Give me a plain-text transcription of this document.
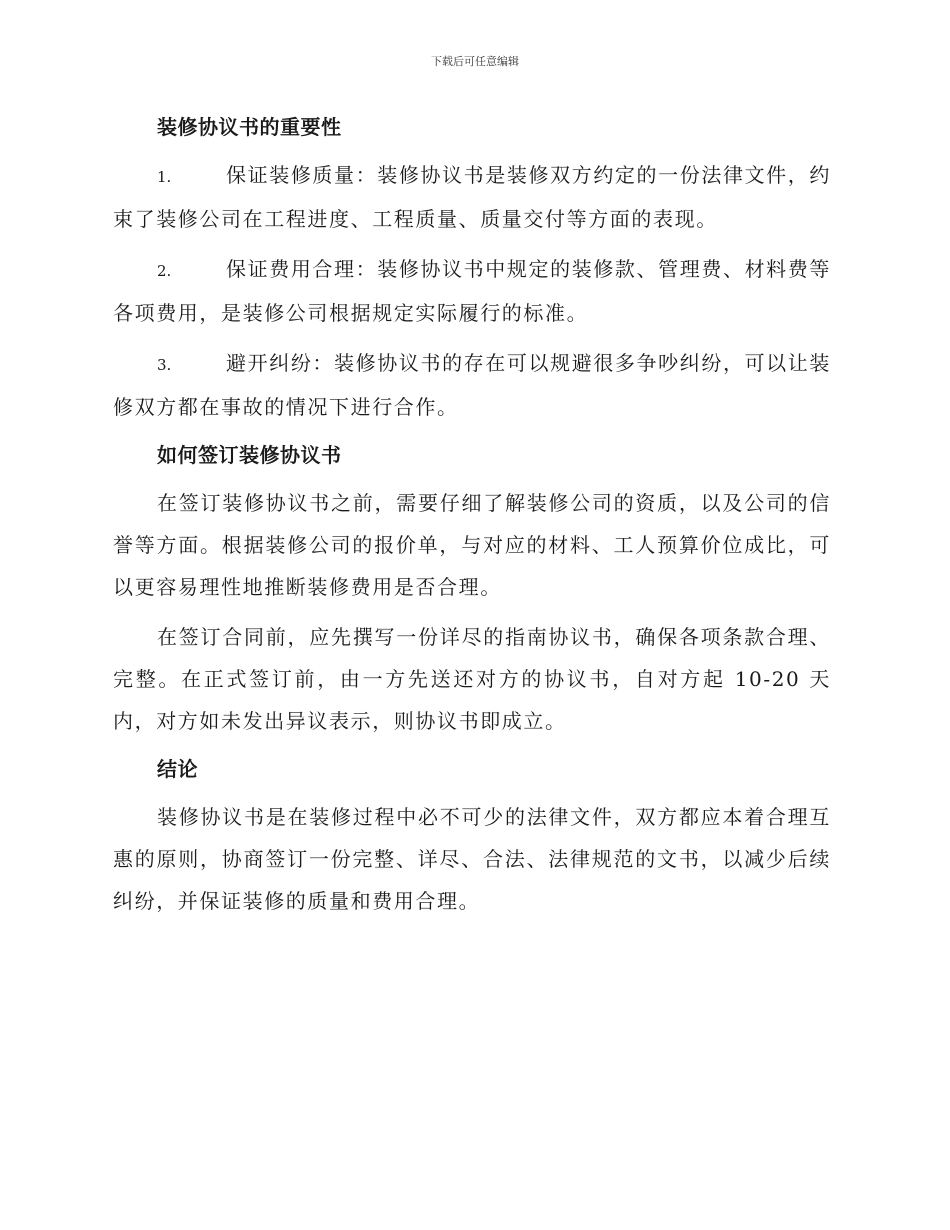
下载后可任意编辑
装修协议书的重要性

1.	保证装修质量：装修协议书是装修双方约定的一份法律文件，约束了装修公司在工程进度、工程质量、质量交付等方面的表现。

2.	保证费用合理：装修协议书中规定的装修款、管理费、材料费等各项费用，是装修公司根据规定实际履行的标准。

3.	避开纠纷：装修协议书的存在可以规避很多争吵纠纷，可以让装修双方都在事故的情况下进行合作。

如何签订装修协议书

在签订装修协议书之前，需要仔细了解装修公司的资质，以及公司的信誉等方面。根据装修公司的报价单，与对应的材料、工人预算价位成比，可以更容易理性地推断装修费用是否合理。

在签订合同前，应先撰写一份详尽的指南协议书，确保各项条款合理、完整。在正式签订前，由一方先送还对方的协议书，自对方起 10-20 天内，对方如未发出异议表示，则协议书即成立。

结论

装修协议书是在装修过程中必不可少的法律文件，双方都应本着合理互惠的原则，协商签订一份完整、详尽、合法、法律规范的文书，以减少后续纠纷，并保证装修的质量和费用合理。
